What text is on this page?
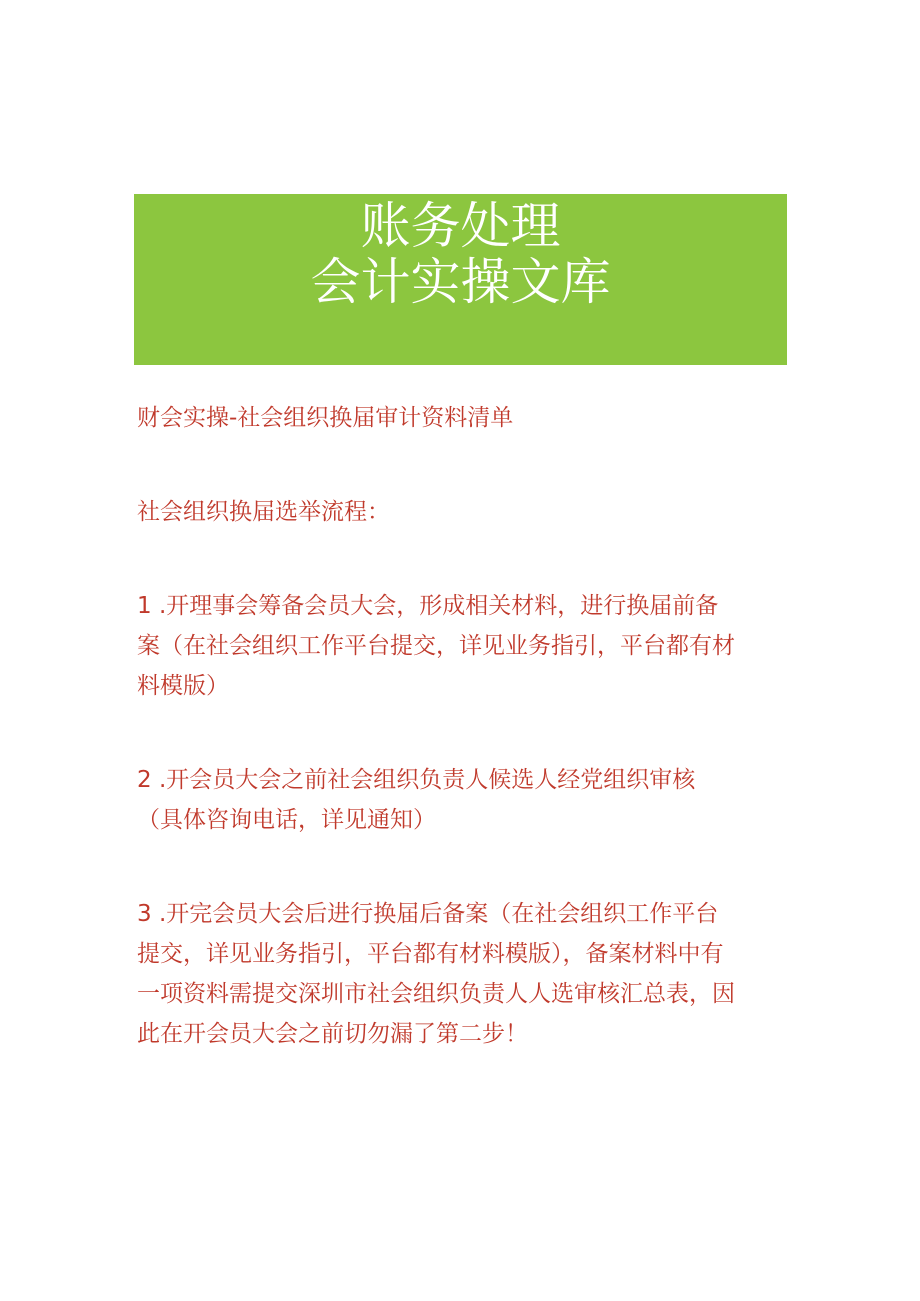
账务处理
会计实操文库

财会实操-社会组织换届审计资料清单

社会组织换届选举流程：

1 .开理事会筹备会员大会，形成相关材料，进行换届前备
案（在社会组织工作平台提交，详见业务指引，平台都有材
料模版）
2 .开会员大会之前社会组织负责人候选人经党组织审核
（具体咨询电话，详见通知）
3 .开完会员大会后进行换届后备案（在社会组织工作平台
提交，详见业务指引，平台都有材料模版），备案材料中有
一项资料需提交深圳市社会组织负责人人选审核汇总表，因
此在开会员大会之前切勿漏了第二步！
